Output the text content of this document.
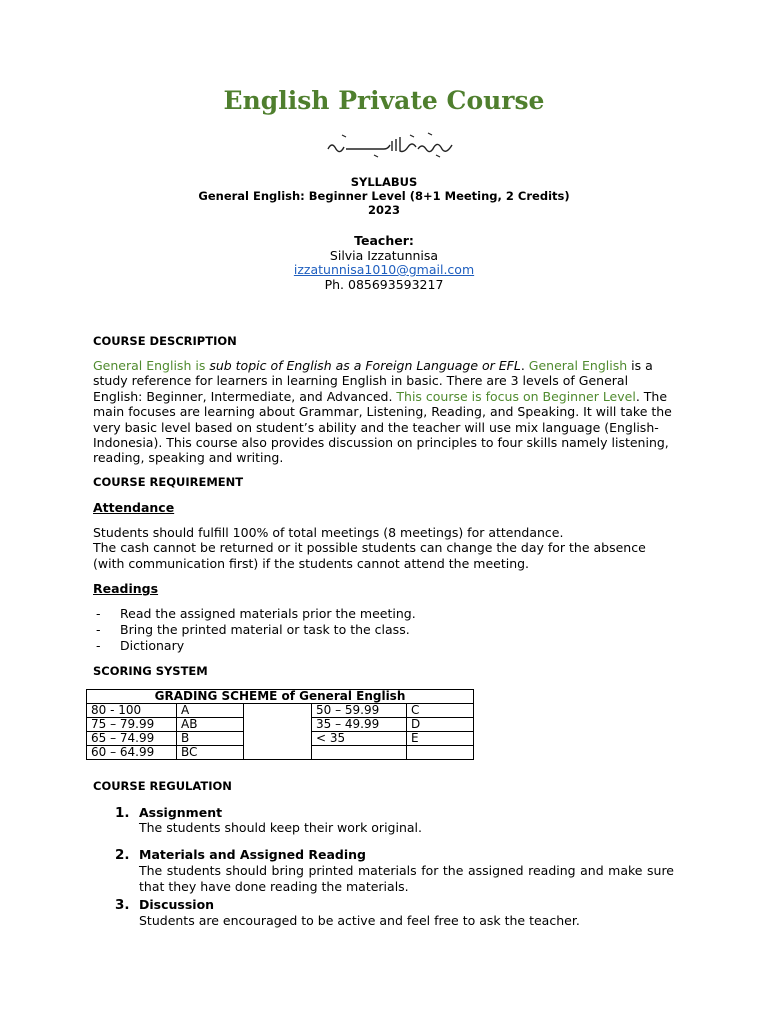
English Private Course
SYLLABUS
General English: Beginner Level (8+1 Meeting, 2 Credits)
2023
Teacher:
Silvia Izzatunnisa
izzatunnisa1010@gmail.com
Ph. 085693593217
COURSE DESCRIPTION
General English is sub topic of English as a Foreign Language or EFL. General English is a study reference for learners in learning English in basic. There are 3 levels of General English: Beginner, Intermediate, and Advanced. This course is focus on Beginner Level. The main focuses are learning about Grammar, Listening, Reading, and Speaking. It will take the very basic level based on student’s ability and the teacher will use mix language (English-Indonesia). This course also provides discussion on principles to four skills namely listening, reading, speaking and writing.
COURSE REQUIREMENT
Attendance
Students should fulfill 100% of total meetings (8 meetings) for attendance.
The cash cannot be returned or it possible students can change the day for the absence (with communication first) if the students cannot attend the meeting.
Readings
- Read the assigned materials prior the meeting.
- Bring the printed material or task to the class.
- Dictionary
SCORING SYSTEM
GRADING SCHEME of General English				
80 - 100	A		50 – 59.99	C
75 – 79.99	AB		35 – 49.99	D
65 – 74.99	B		< 35	E
60 – 64.99	BC			
COURSE REGULATION
1. Assignment
The students should keep their work original.
2. Materials and Assigned Reading
The students should bring printed materials for the assigned reading and make sure that they have done reading the materials.
3. Discussion
Students are encouraged to be active and feel free to ask the teacher.
